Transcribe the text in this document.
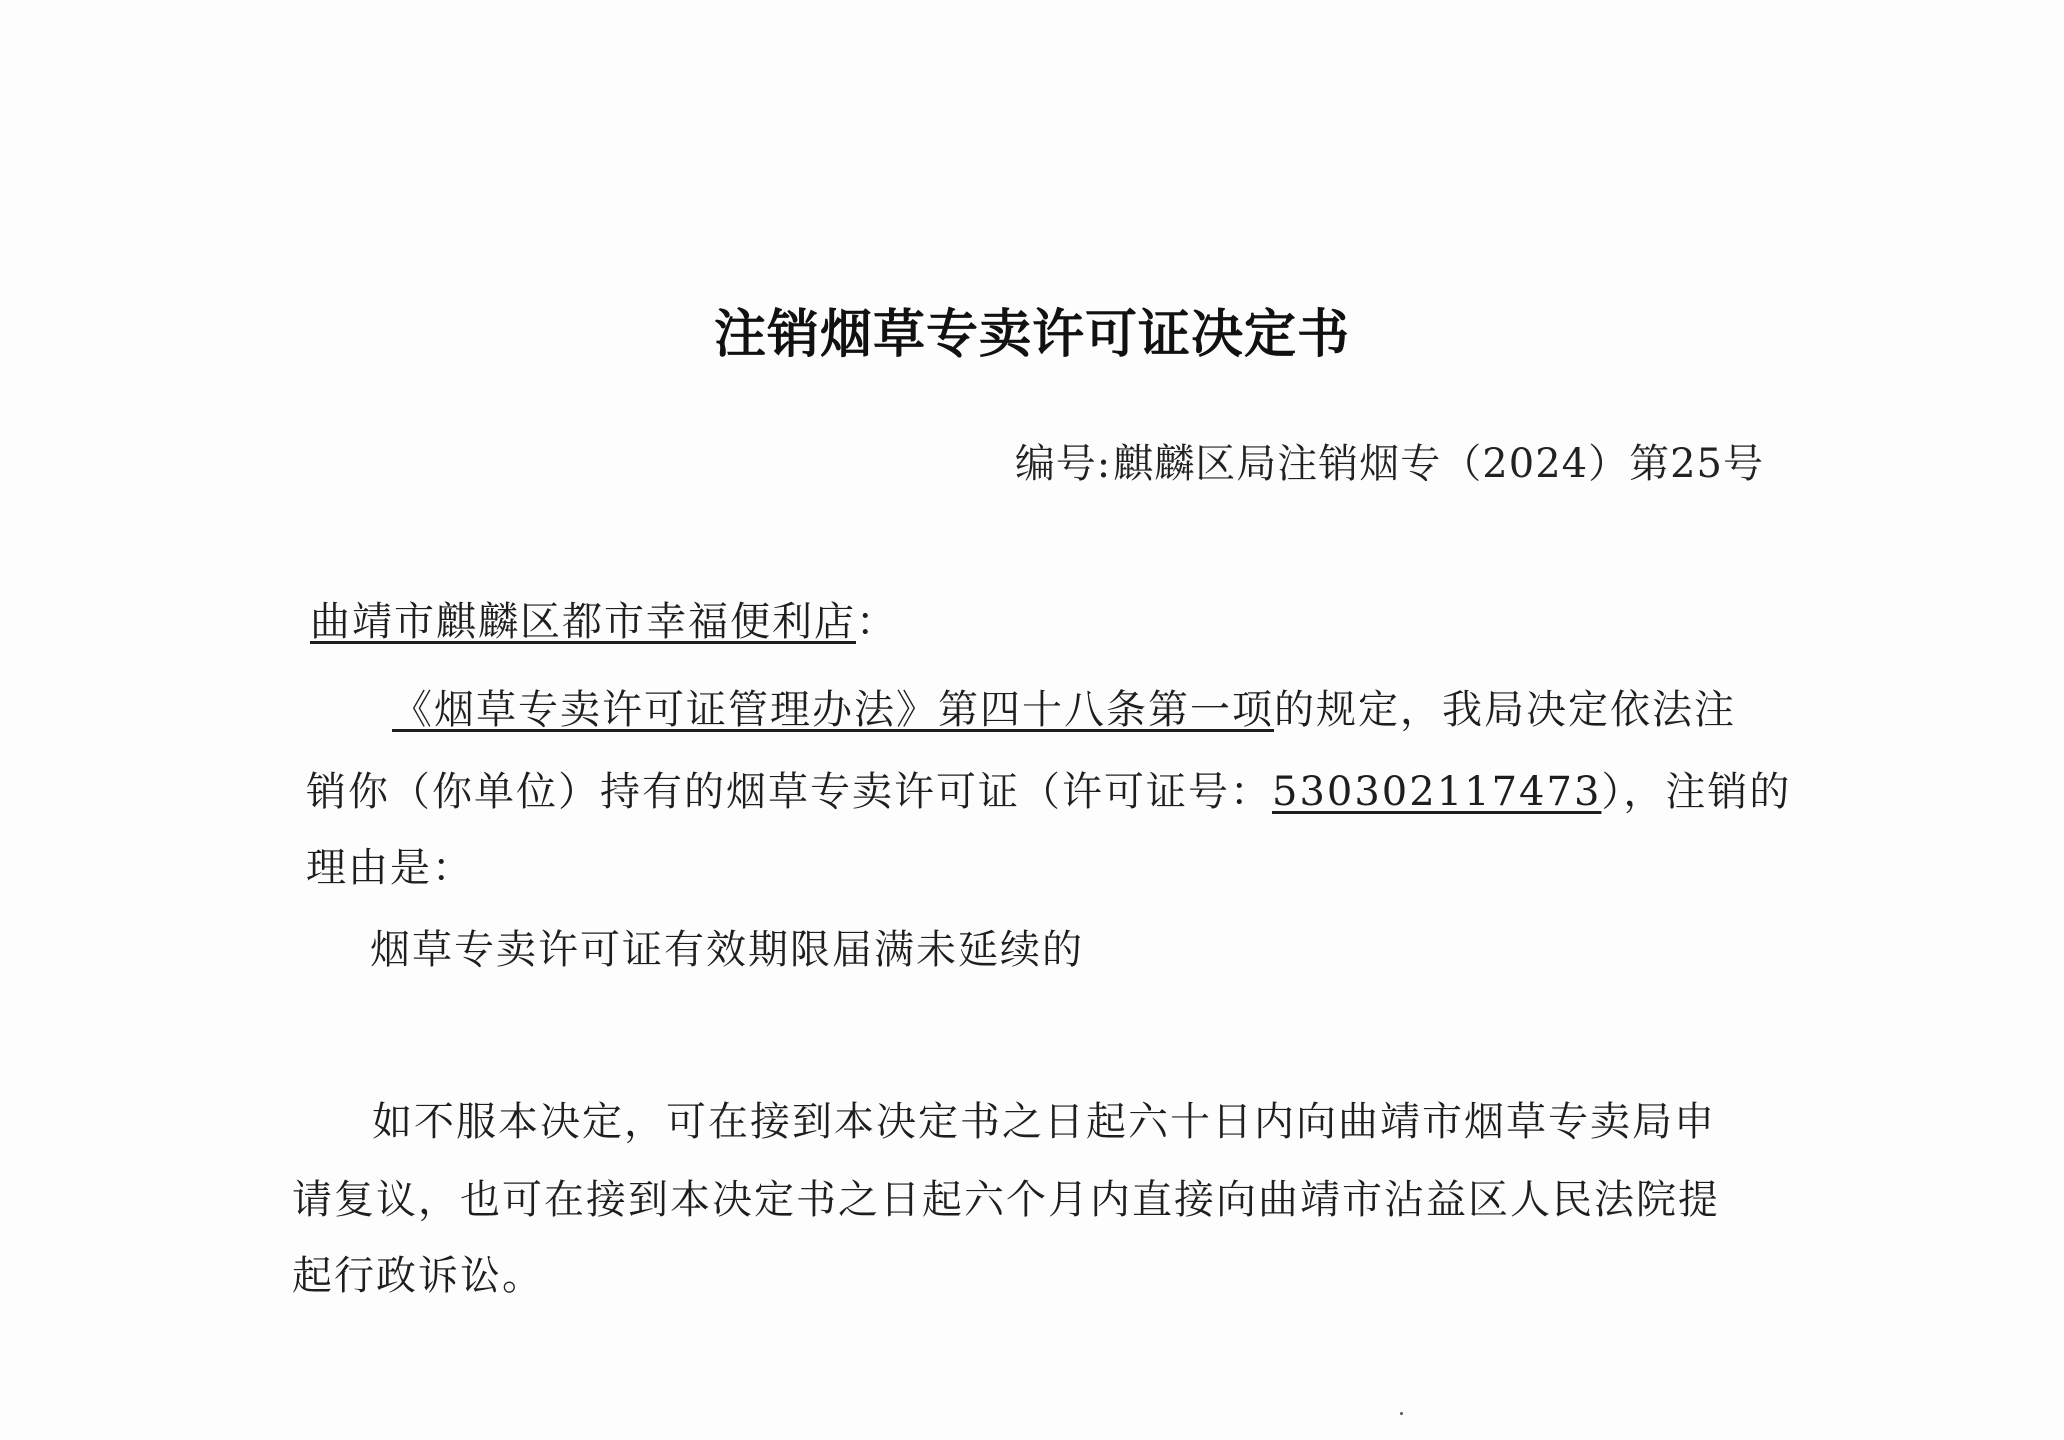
注销烟草专卖许可证决定书
编号:麒麟区局注销烟专（2024）第25号
曲靖市麒麟区都市幸福便利店：
《烟草专卖许可证管理办法》第四十八条第一项的规定，我局决定依法注
销你（你单位）持有的烟草专卖许可证（许可证号：530302117473），注销的
理由是：
烟草专卖许可证有效期限届满未延续的
如不服本决定，可在接到本决定书之日起六十日内向曲靖市烟草专卖局申
请复议，也可在接到本决定书之日起六个月内直接向曲靖市沾益区人民法院提
起行政诉讼。
